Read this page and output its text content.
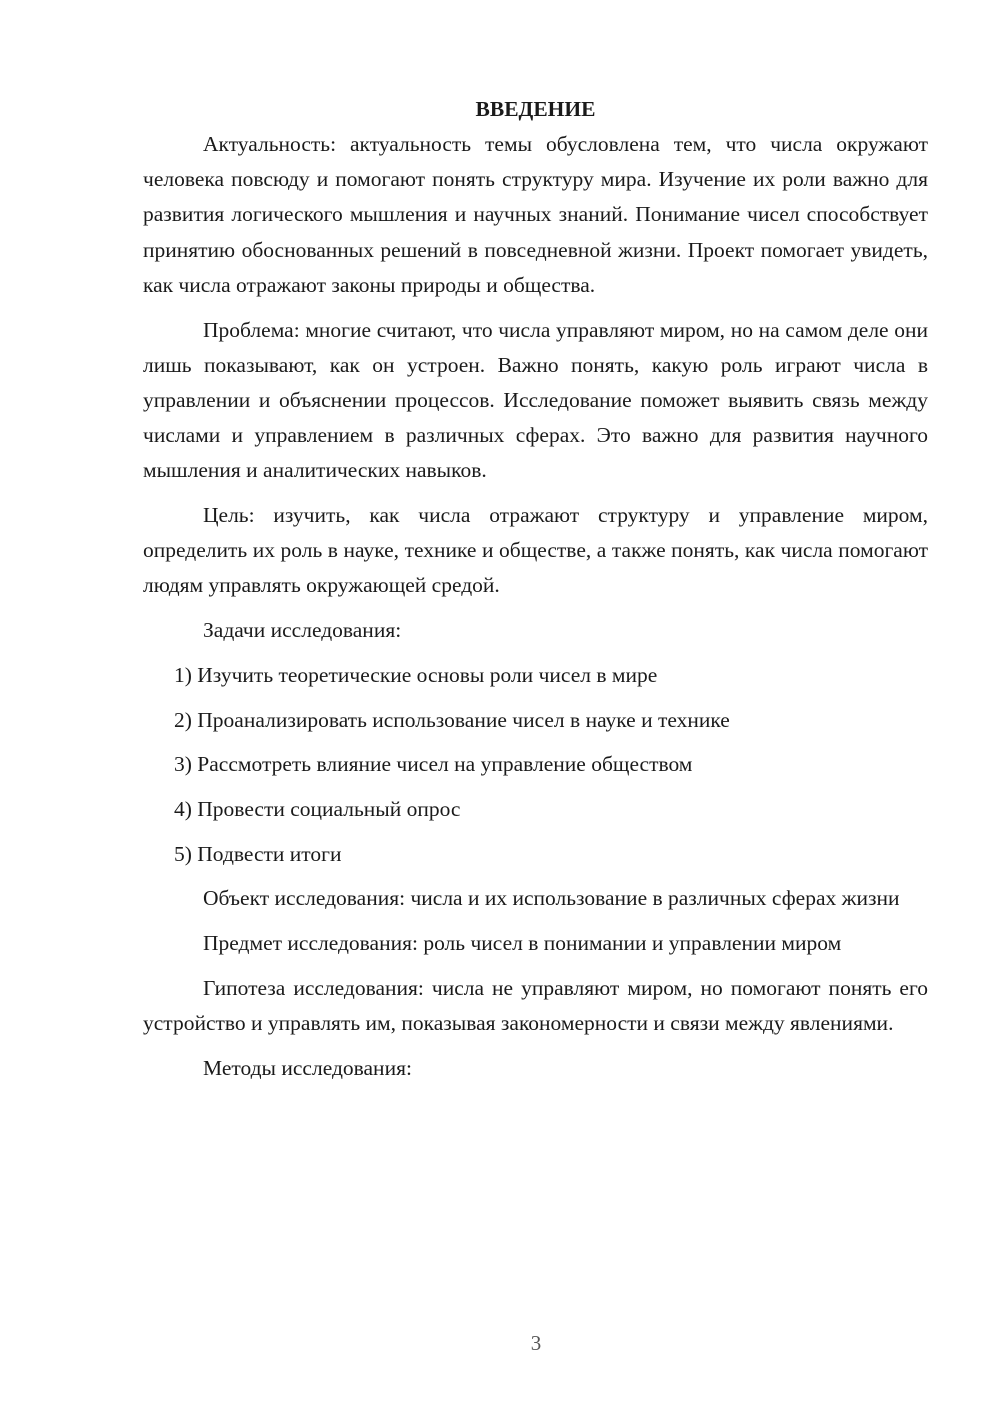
ВВЕДЕНИЕ

Актуальность: актуальность темы обусловлена тем, что числа окружают человека повсюду и помогают понять структуру мира. Изучение их роли важно для развития логического мышления и научных знаний. Понимание чисел способствует принятию обоснованных решений в повседневной жизни. Проект помогает увидеть, как числа отражают законы природы и общества.

Проблема: многие считают, что числа управляют миром, но на самом деле они лишь показывают, как он устроен. Важно понять, какую роль играют числа в управлении и объяснении процессов. Исследование поможет выявить связь между числами и управлением в различных сферах. Это важно для развития научного мышления и аналитических навыков.

Цель: изучить, как числа отражают структуру и управление миром, определить их роль в науке, технике и обществе, а также понять, как числа помогают людям управлять окружающей средой.

Задачи исследования:

1) Изучить теоретические основы роли чисел в мире

2) Проанализировать использование чисел в науке и технике

3) Рассмотреть влияние чисел на управление обществом

4) Провести социальный опрос

5) Подвести итоги

Объект исследования: числа и их использование в различных сферах жизни

Предмет исследования: роль чисел в понимании и управлении миром

Гипотеза исследования: числа не управляют миром, но помогают понять его устройство и управлять им, показывая закономерности и связи между явлениями.

Методы исследования:

3
